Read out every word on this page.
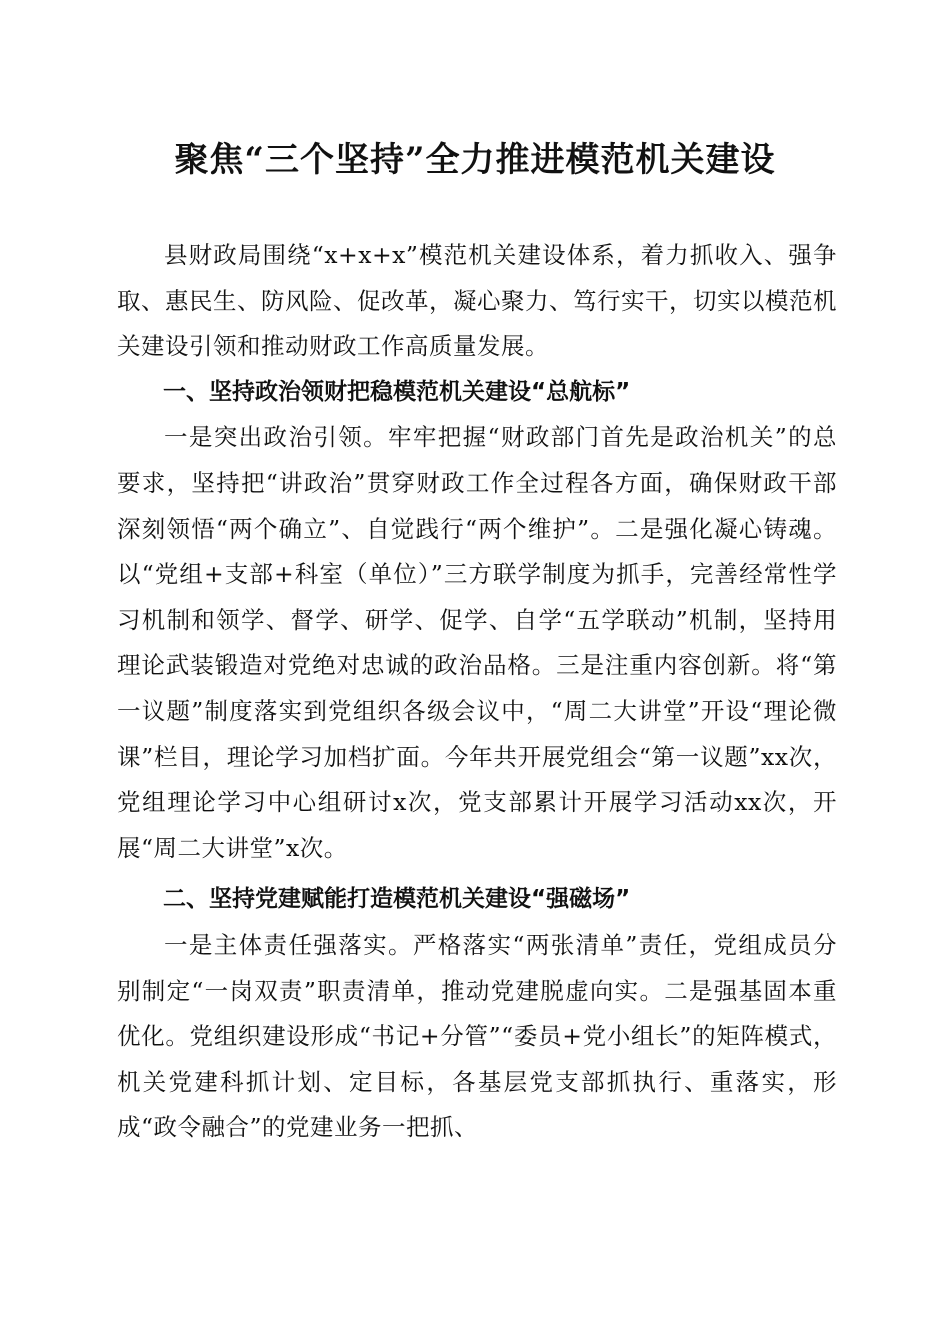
聚焦“三个坚持”全力推进模范机关建设

县财政局围绕“x+x+x”模范机关建设体系，着力抓收入、强争取、惠民生、防风险、促改革，凝心聚力、笃行实干，切实以模范机关建设引领和推动财政工作高质量发展。

一、坚持政治领财把稳模范机关建设“总航标”

一是突出政治引领。牢牢把握“财政部门首先是政治机关”的总要求，坚持把“讲政治”贯穿财政工作全过程各方面，确保财政干部深刻领悟“两个确立”、自觉践行“两个维护”。二是强化凝心铸魂。以“党组+支部+科室（单位）”三方联学制度为抓手，完善经常性学习机制和领学、督学、研学、促学、自学“五学联动”机制，坚持用理论武装锻造对党绝对忠诚的政治品格。三是注重内容创新。将“第一议题”制度落实到党组织各级会议中，“周二大讲堂”开设“理论微课”栏目，理论学习加档扩面。今年共开展党组会“第一议题”xx次，党组理论学习中心组研讨x次，党支部累计开展学习活动xx次，开展“周二大讲堂”x次。

二、坚持党建赋能打造模范机关建设“强磁场”

一是主体责任强落实。严格落实“两张清单”责任，党组成员分别制定“一岗双责”职责清单，推动党建脱虚向实。二是强基固本重优化。党组织建设形成“书记+分管”“委员+党小组长”的矩阵模式，机关党建科抓计划、定目标，各基层党支部抓执行、重落实，形成“政令融合”的党建业务一把抓、
